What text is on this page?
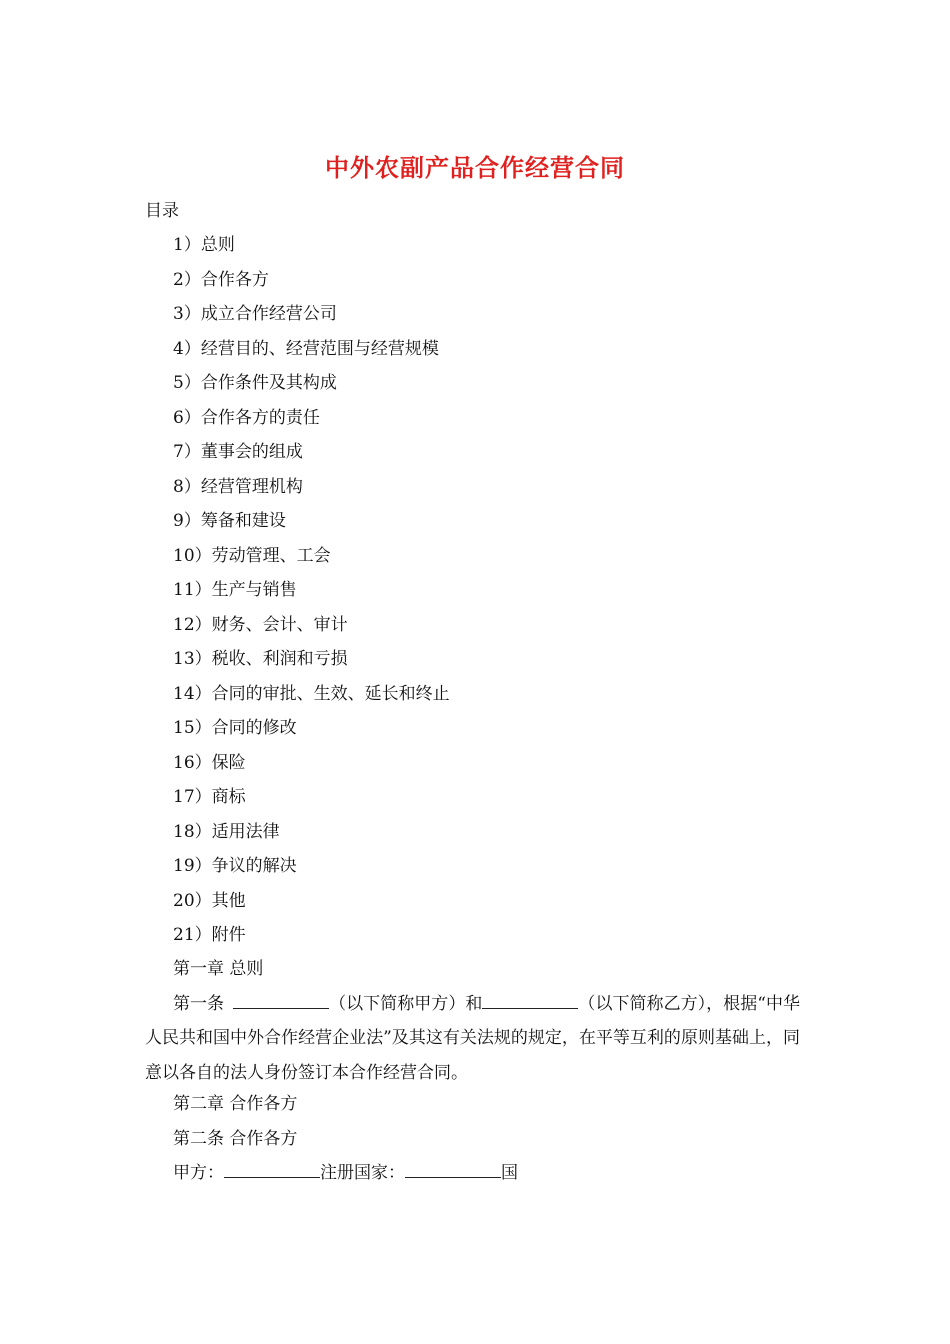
中外农副产品合作经营合同
目录
1）总则
2）合作各方
3）成立合作经营公司
4）经营目的、经营范围与经营规模
5）合作条件及其构成
6）合作各方的责任
7）董事会的组成
8）经营管理机构
9）筹备和建设
10）劳动管理、工会
11）生产与销售
12）财务、会计、审计
13）税收、利润和亏损
14）合同的审批、生效、延长和终止
15）合同的修改
16）保险
17）商标
18）适用法律
19）争议的解决
20）其他
21）附件
第一章 总则

第一条	（以下简称甲方）和	（以下简称乙方），根据“中华人民共和国中外合作经营企业法”及其这有关法规的规定，在平等互利的原则基础上，同意以各自的法人身份签订本合作经营合同。

第二章 合作各方
第二条 合作各方
甲方：	注册国家：	国
